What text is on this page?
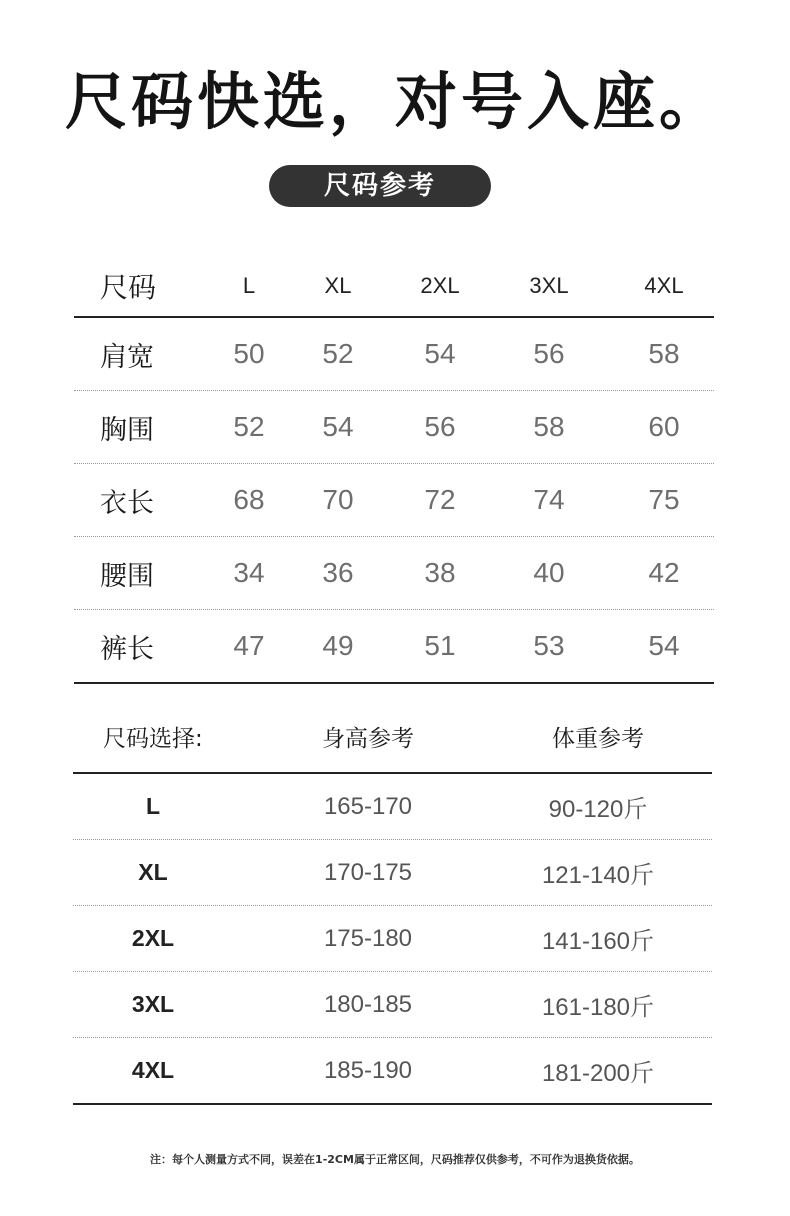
尺码快选，对号入座。
尺码参考
尺码	L	XL	2XL	3XL	4XL
肩宽	50	52	54	56	58
胸围	52	54	56	58	60
衣长	68	70	72	74	75
腰围	34	36	38	40	42
裤长	47	49	51	53	54
尺码选择:	身高参考	体重参考
L	165-170	90-120斤
XL	170-175	121-140斤
2XL	175-180	141-160斤
3XL	180-185	161-180斤
4XL	185-190	181-200斤
注：每个人测量方式不同，误差在1-2CM属于正常区间，尺码推荐仅供参考，不可作为退换货依据。
